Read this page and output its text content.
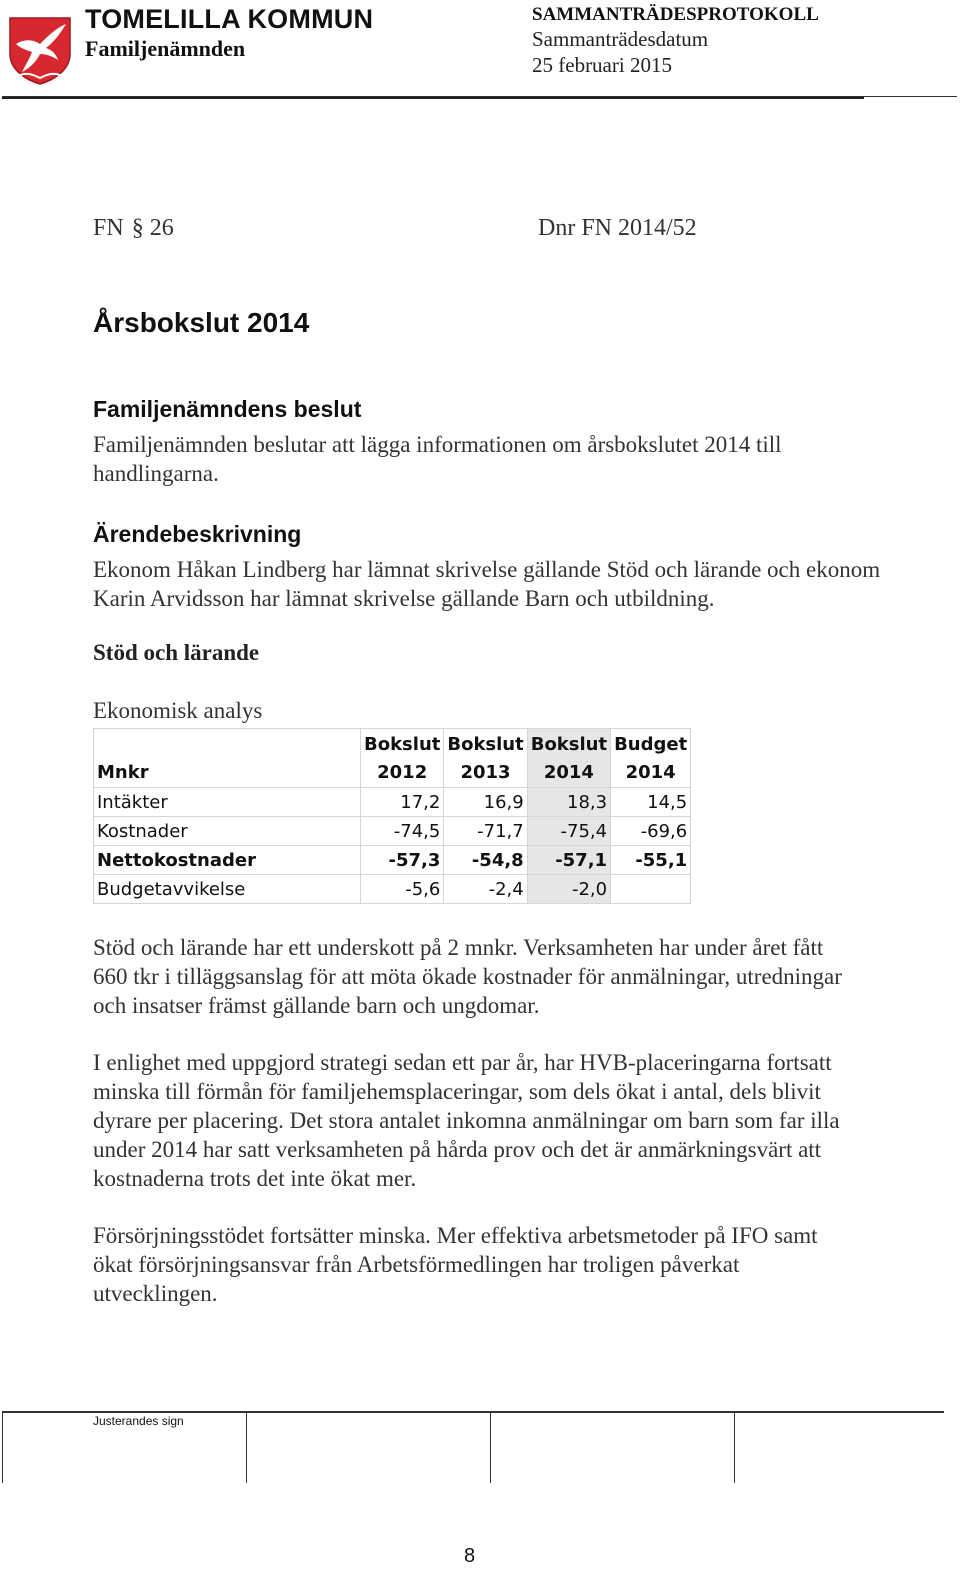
TOMELILLA KOMMUN
Familjenämnden
SAMMANTRÄDESPROTOKOLL
Sammanträdesdatum
25 februari 2015
FN § 26	Dnr FN 2014/52
Årsbokslut 2014
Familjenämndens beslut

Familjenämnden beslutar att lägga informationen om årsbokslutet 2014 till handlingarna.

Ärendebeskrivning

Ekonom Håkan Lindberg har lämnat skrivelse gällande Stöd och lärande och ekonom Karin Arvidsson har lämnat skrivelse gällande Barn och utbildning.

Stöd och lärande
Ekonomisk analys
Mnkr	Bokslut	Bokslut	Bokslut	Budget
	2012	2013	2014	2014
Intäkter	17,2	16,9	18,3	14,5
Kostnader	-74,5	-71,7	-75,4	-69,6
Nettokostnader	-57,3	-54,8	-57,1	-55,1
Budgetavvikelse	-5,6	-2,4	-2,0	

Stöd och lärande har ett underskott på 2 mnkr. Verksamheten har under året fått 660 tkr i tilläggsanslag för att möta ökade kostnader för anmälningar, utredningar och insatser främst gällande barn och ungdomar.

I enlighet med uppgjord strategi sedan ett par år, har HVB-placeringarna fortsatt minska till förmån för familjehemsplaceringar, som dels ökat i antal, dels blivit dyrare per placering. Det stora antalet inkomna anmälningar om barn som far illa under 2014 har satt verksamheten på hårda prov och det är anmärkningsvärt att kostnaderna trots det inte ökat mer.

Försörjningsstödet fortsätter minska. Mer effektiva arbetsmetoder på IFO samt ökat försörjningsansvar från Arbetsförmedlingen har troligen påverkat utvecklingen.

Justerandes sign
8
